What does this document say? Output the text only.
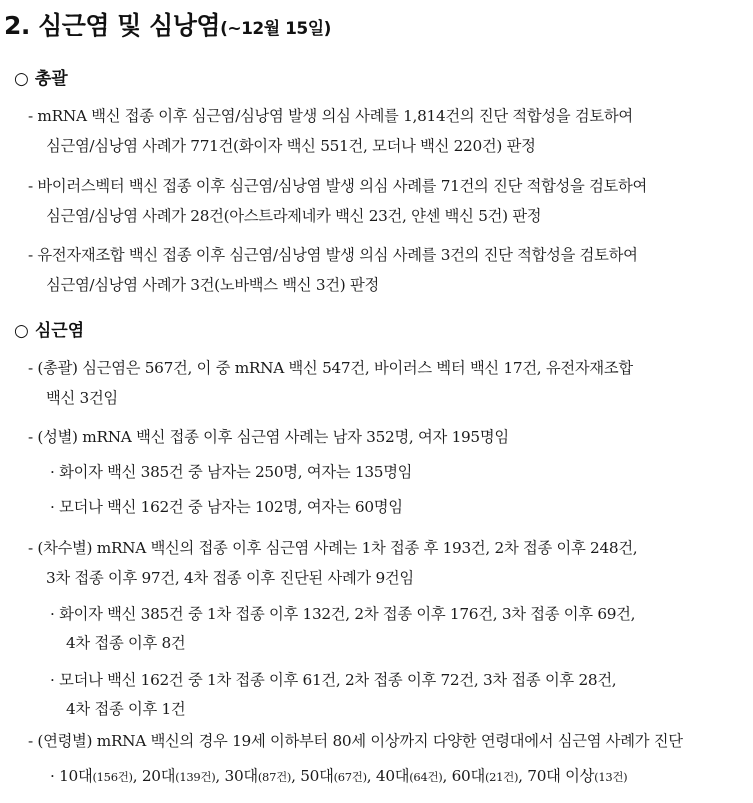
2. 심근염 및 심낭염(~12월 15일)
○ 총괄
- mRNA 백신 접종 이후 심근염/심낭염 발생 의심 사례를 1,814건의 진단 적합성을 검토하여
심근염/심낭염 사례가 771건(화이자 백신 551건, 모더나 백신 220건) 판정
- 바이러스벡터 백신 접종 이후 심근염/심낭염 발생 의심 사례를 71건의 진단 적합성을 검토하여
심근염/심낭염 사례가 28건(아스트라제네카 백신 23건, 얀센 백신 5건) 판정
- 유전자재조합 백신 접종 이후 심근염/심낭염 발생 의심 사례를 3건의 진단 적합성을 검토하여
심근염/심낭염 사례가 3건(노바백스 백신 3건) 판정
○ 심근염
- (총괄) 심근염은 567건, 이 중 mRNA 백신 547건, 바이러스 벡터 백신 17건, 유전자재조합
백신 3건임
- (성별) mRNA 백신 접종 이후 심근염 사례는 남자 352명, 여자 195명임
· 화이자 백신 385건 중 남자는 250명, 여자는 135명임
· 모더나 백신 162건 중 남자는 102명, 여자는 60명임
- (차수별) mRNA 백신의 접종 이후 심근염 사례는 1차 접종 후 193건, 2차 접종 이후 248건,
3차 접종 이후 97건, 4차 접종 이후 진단된 사례가 9건임
· 화이자 백신 385건 중 1차 접종 이후 132건, 2차 접종 이후 176건, 3차 접종 이후 69건,
4차 접종 이후 8건
· 모더나 백신 162건 중 1차 접종 이후 61건, 2차 접종 이후 72건, 3차 접종 이후 28건,
4차 접종 이후 1건
- (연령별) mRNA 백신의 경우 19세 이하부터 80세 이상까지 다양한 연령대에서 심근염 사례가 진단
· 10대(156건), 20대(139건), 30대(87건), 50대(67건), 40대(64건), 60대(21건), 70대 이상(13건)
